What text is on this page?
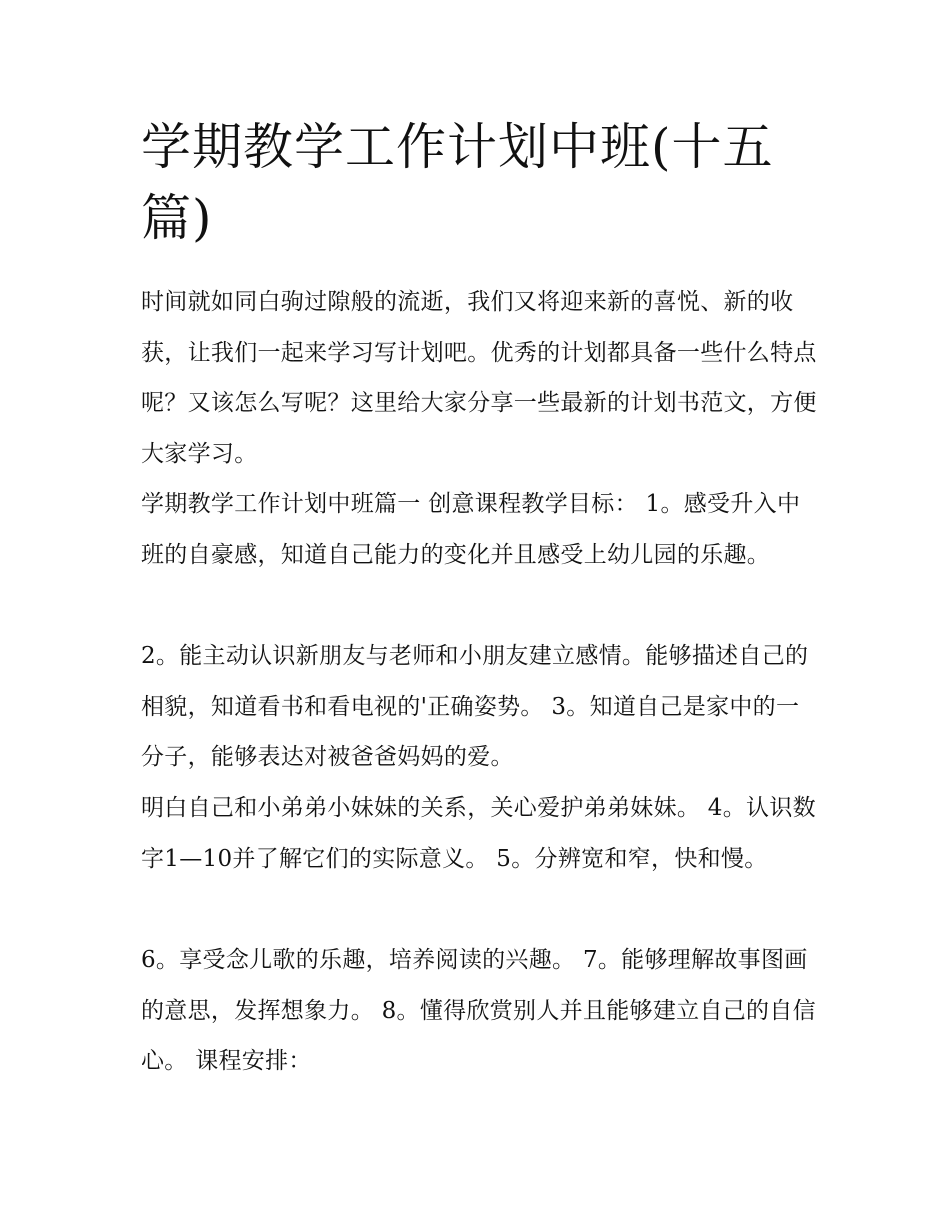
学期教学工作计划中班(十五篇)

时间就如同白驹过隙般的流逝，我们又将迎来新的喜悦、新的收获，让我们一起来学习写计划吧。优秀的计划都具备一些什么特点呢？又该怎么写呢？这里给大家分享一些最新的计划书范文，方便大家学习。

学期教学工作计划中班篇一 创意课程教学目标： 1。感受升入中班的自豪感，知道自己能力的变化并且感受上幼儿园的乐趣。

2。能主动认识新朋友与老师和小朋友建立感情。能够描述自己的相貌，知道看书和看电视的'正确姿势。 3。知道自己是家中的一分子，能够表达对被爸爸妈妈的爱。

明白自己和小弟弟小妹妹的关系，关心爱护弟弟妹妹。 4。认识数字1—10并了解它们的实际意义。 5。分辨宽和窄，快和慢。

6。享受念儿歌的乐趣，培养阅读的兴趣。 7。能够理解故事图画的意思，发挥想象力。 8。懂得欣赏别人并且能够建立自己的自信心。 课程安排：
